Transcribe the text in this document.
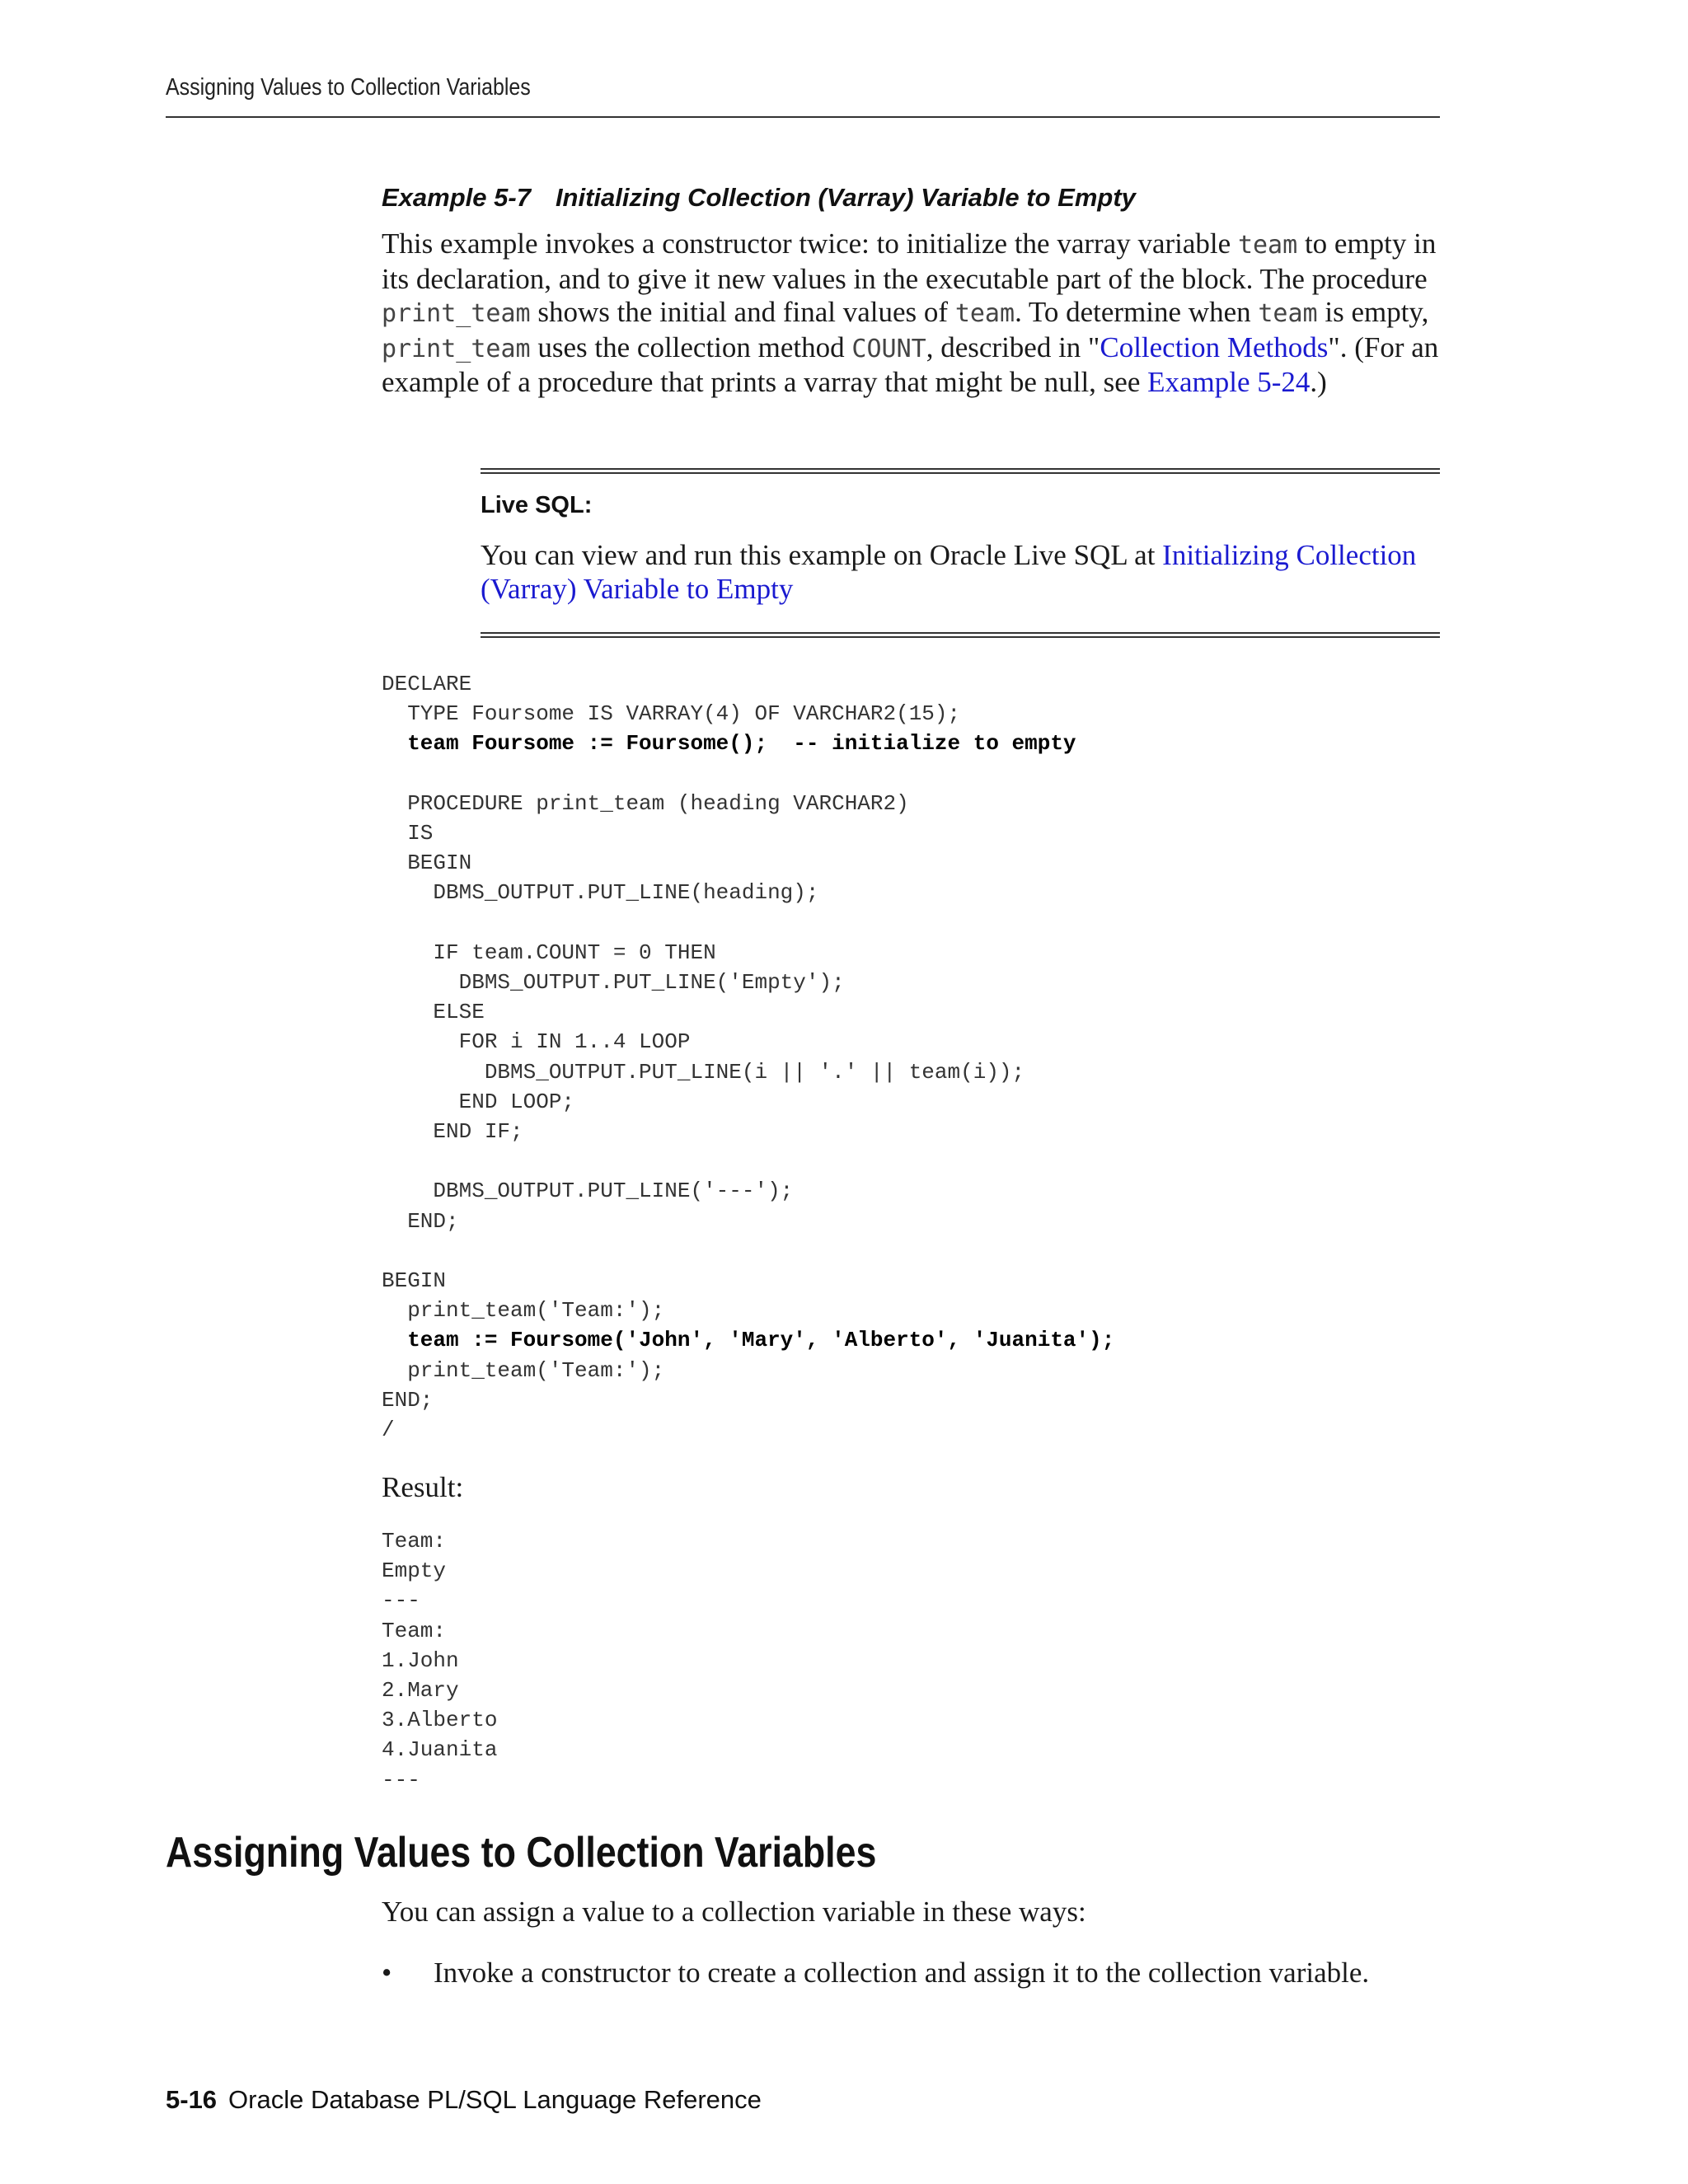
Assigning Values to Collection Variables
Example 5-7 Initializing Collection (Varray) Variable to Empty
This example invokes a constructor twice: to initialize the varray variable team to empty in its declaration, and to give it new values in the executable part of the block. The procedure print_team shows the initial and final values of team. To determine when team is empty, print_team uses the collection method COUNT, described in "Collection Methods". (For an example of a procedure that prints a varray that might be null, see Example 5-24.)
Live SQL:
You can view and run this example on Oracle Live SQL at Initializing Collection (Varray) Variable to Empty
DECLARE
TYPE Foursome IS VARRAY(4) OF VARCHAR2(15);
team Foursome := Foursome();  -- initialize to empty

PROCEDURE print_team (heading VARCHAR2)
IS
BEGIN
DBMS_OUTPUT.PUT_LINE(heading);

IF team.COUNT = 0 THEN
DBMS_OUTPUT.PUT_LINE('Empty');
ELSE
FOR i IN 1..4 LOOP
DBMS_OUTPUT.PUT_LINE(i || '.' || team(i));
END LOOP;
END IF;

DBMS_OUTPUT.PUT_LINE('---');
END;

BEGIN
print_team('Team:');
team := Foursome('John', 'Mary', 'Alberto', 'Juanita');
print_team('Team:');
END;
/
Result:
Team:
Empty
---
Team:
1.John
2.Mary
3.Alberto
4.Juanita
---
Assigning Values to Collection Variables
You can assign a value to a collection variable in these ways:
• Invoke a constructor to create a collection and assign it to the collection variable.
5-16 Oracle Database PL/SQL Language Reference
